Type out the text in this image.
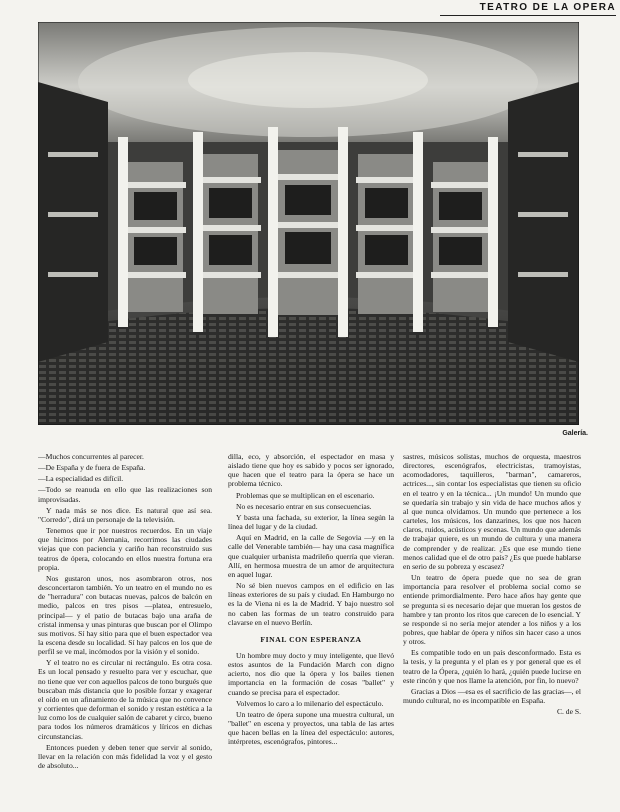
TEATRO DE LA OPERA
Galería.

—Muchos concurrentes al parecer.

—De España y de fuera de España.

—La especialidad es difícil.

—Todo se reanuda en ello que las realizaciones son improvisadas.

Y nada más se nos dice. Es natural que así sea. "Corredo", dirá un personaje de la televisión.

Tenemos que ir por nuestros recuerdos. En un viaje que hicimos por Alemania, recorrimos las ciudades viejas que con paciencia y cariño han reconstruido sus teatros de ópera, colocando en ellos nuestra fortuna era propia.

Nos gustaron unos, nos asombraron otros, nos desconcertaron también. Yo un teatro en el mundo no es de "herradura" con butacas nuevas, palcos de balcón en medio, palcos en tres pisos —platea, entresuelo, principal— y el patio de butacas bajo una araña de cristal inmensa y unas pinturas que buscan por el Olimpo sus motivos. Sí hay sitio para que el buen espectador vea la escena desde su localidad. Sí hay palcos en los que de perfil se ve mal, incómodos por la visión y el sonido.

Y el teatro no es circular ni rectángulo. Es otra cosa. Es un local pensado y resuelto para ver y escuchar, que no tiene que ver con aquellos palcos de tono burgués que buscaban más distancia que lo posible forzar y exagerar el oído en un afinamiento de la música que no convence y corrientes que deforman el sonido y restan estética a la luz como los de cualquier salón de cabaret y circo, bueno para todos los números dramáticos y líricos en dichas circunstancias.

Entonces pueden y deben tener que servir al sonido, llevar en la relación con más fidelidad la voz y el gesto de absoluto...

dilla, eco, y absorción, el espectador en masa y aislado tiene que hoy es sabido y pocos ser ignorado, que hacen que el teatro para la ópera se hace un problema técnico.

Problemas que se multiplican en el escenario.

No es necesario entrar en sus consecuencias.

Y basta una fachada, su exterior, la línea según la línea del lugar y de la ciudad.

Aquí en Madrid, en la calle de Segovia —y en la calle del Venerable también— hay una casa magnífica que cualquier urbanista madrileño querría que vieran. Allí, en hermosa muestra de un amor de arquitectura en aquel lugar.

No sé bien nuevos campos en el edificio en las líneas exteriores de su país y ciudad. En Hamburgo no es la de Viena ni es la de Madrid. Y bajo nuestro sol no caben las formas de un teatro construido para clavarse en el nuevo Berlín.

FINAL CON ESPERANZA

Un hombre muy docto y muy inteligente, que llevó estos asuntos de la Fundación March con digno acierto, nos dio que la ópera y los bailes tienen importancia en la formación de cosas "ballet" y cuando se precisa para el espectador.

Volvemos lo caro a lo milenario del espectáculo.

Un teatro de ópera supone una muestra cultural, un "ballet" en escena y proyectos, una tabla de las artes que hacen bellas en la línea del espectáculo: autores, intérpretes, escenógrafos, pintores...

sastres, músicos solistas, muchos de orquesta, maestros directores, escenógrafos, electricistas, tramoyistas, acomodadores, taquilleros, "barman", camareros, actrices..., sin contar los especialistas que tienen su oficio en el teatro y en la técnica... ¡Un mundo! Un mundo que se quedaría sin trabajo y sin vida de hace muchos años y al que nunca olvidamos. Un mundo que pertenece a los carteles, los músicos, los danzarines, los que nos hacen claros, ruidos, acústicos y escenas. Un mundo que además de trabajar quiere, es un mundo de cultura y una manera de comprender y de realizar. ¿Es que ese mundo tiene menos calidad que el de otro país? ¿Es que puede hablarse en serio de su pobreza y escasez?

Un teatro de ópera puede que no sea de gran importancia para resolver el problema social como se entiende primordialmente. Pero hace años hay gente que se pregunta si es necesario dejar que mueran los gestos de hambre y tan pronto los ritos que carecen de lo esencial. Y se responde si no sería mejor atender a los niños y a los pobres, que hablar de ópera y niños sin hacer caso a unos y otros.

Es compatible todo en un país desconformado. Esta es la tesis, y la pregunta y el plan es y por general que es el teatro de la Ópera, ¿quién lo hará, ¿quién puede lucirse en este rincón y que nos llame la atención, por fin, lo nuevo?

Gracias a Dios —esa es el sacrificio de las gracias—, el mundo cultural, no es incompatible en España.

C. de S.
